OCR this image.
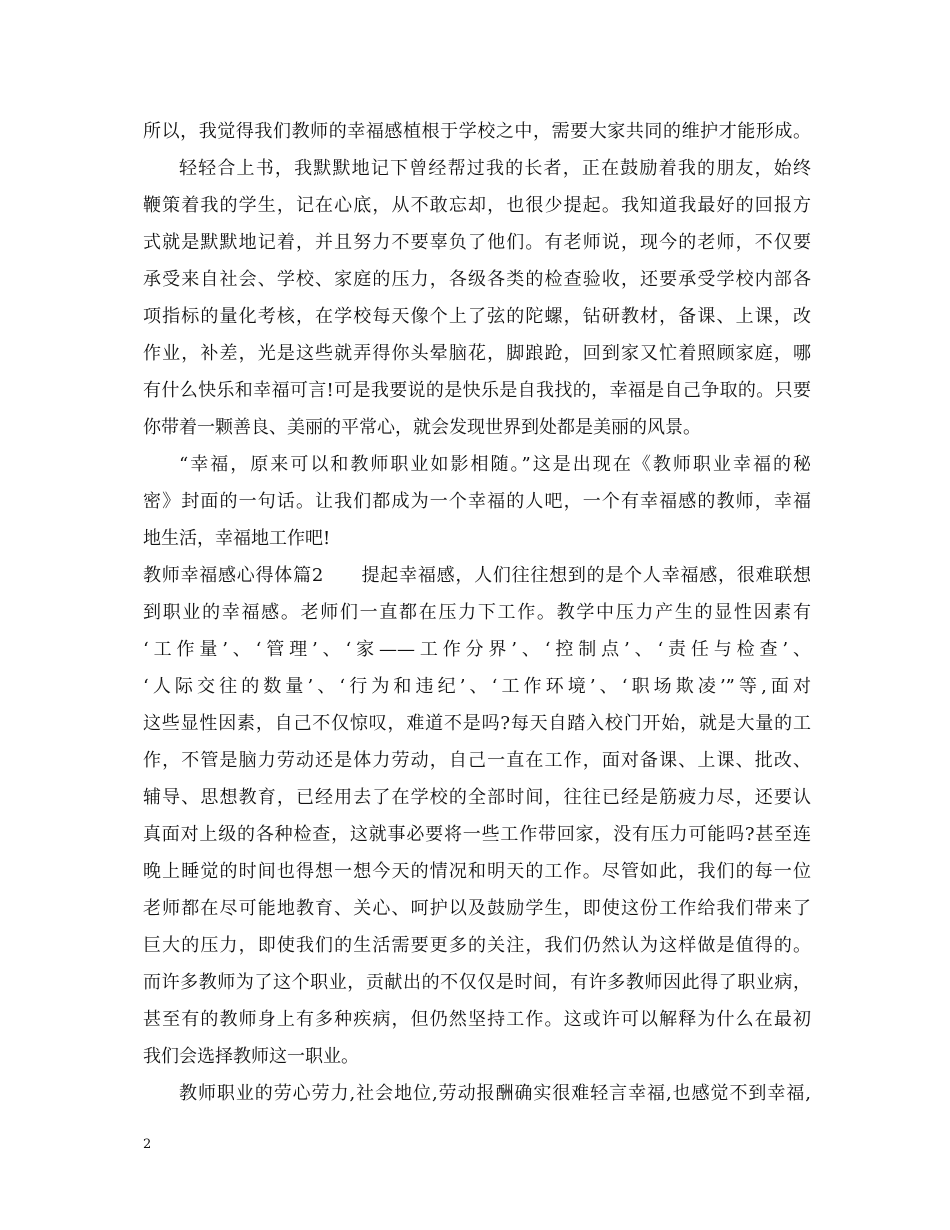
所以，我觉得我们教师的幸福感植根于学校之中，需要大家共同的维护才能形成。
轻轻合上书，我默默地记下曾经帮过我的长者，正在鼓励着我的朋友，始终
鞭策着我的学生，记在心底，从不敢忘却，也很少提起。我知道我最好的回报方
式就是默默地记着，并且努力不要辜负了他们。有老师说，现今的老师，不仅要
承受来自社会、学校、家庭的压力，各级各类的检查验收，还要承受学校内部各
项指标的量化考核，在学校每天像个上了弦的陀螺，钻研教材，备课、上课，改
作业，补差，光是这些就弄得你头晕脑花，脚踉跄，回到家又忙着照顾家庭，哪
有什么快乐和幸福可言!可是我要说的是快乐是自我找的，幸福是自己争取的。只要
你带着一颗善良、美丽的平常心，就会发现世界到处都是美丽的风景。
“幸福，原来可以和教师职业如影相随。”这是出现在《教师职业幸福的秘
密》封面的一句话。让我们都成为一个幸福的人吧，一个有幸福感的教师，幸福
地生活，幸福地工作吧!
教师幸福感心得体篇2　　提起幸福感，人们往往想到的是个人幸福感，很难联想
到职业的幸福感。老师们一直都在压力下工作。教学中压力产生的显性因素有
‘工作量’、‘管理’、‘家——工作分界’、‘控制点’、‘责任与检查’、
‘人际交往的数量’、‘行为和违纪’、‘工作环境’、‘职场欺凌’”等,面对
这些显性因素，自己不仅惊叹，难道不是吗?每天自踏入校门开始，就是大量的工
作，不管是脑力劳动还是体力劳动，自己一直在工作，面对备课、上课、批改、
辅导、思想教育，已经用去了在学校的全部时间，往往已经是筋疲力尽，还要认
真面对上级的各种检查，这就事必要将一些工作带回家，没有压力可能吗?甚至连
晚上睡觉的时间也得想一想今天的情况和明天的工作。尽管如此，我们的每一位
老师都在尽可能地教育、关心、呵护以及鼓励学生，即使这份工作给我们带来了
巨大的压力，即使我们的生活需要更多的关注，我们仍然认为这样做是值得的。
而许多教师为了这个职业，贡献出的不仅仅是时间，有许多教师因此得了职业病，
甚至有的教师身上有多种疾病，但仍然坚持工作。这或许可以解释为什么在最初
我们会选择教师这一职业。
教师职业的劳心劳力,社会地位,劳动报酬确实很难轻言幸福,也感觉不到幸福,
2
